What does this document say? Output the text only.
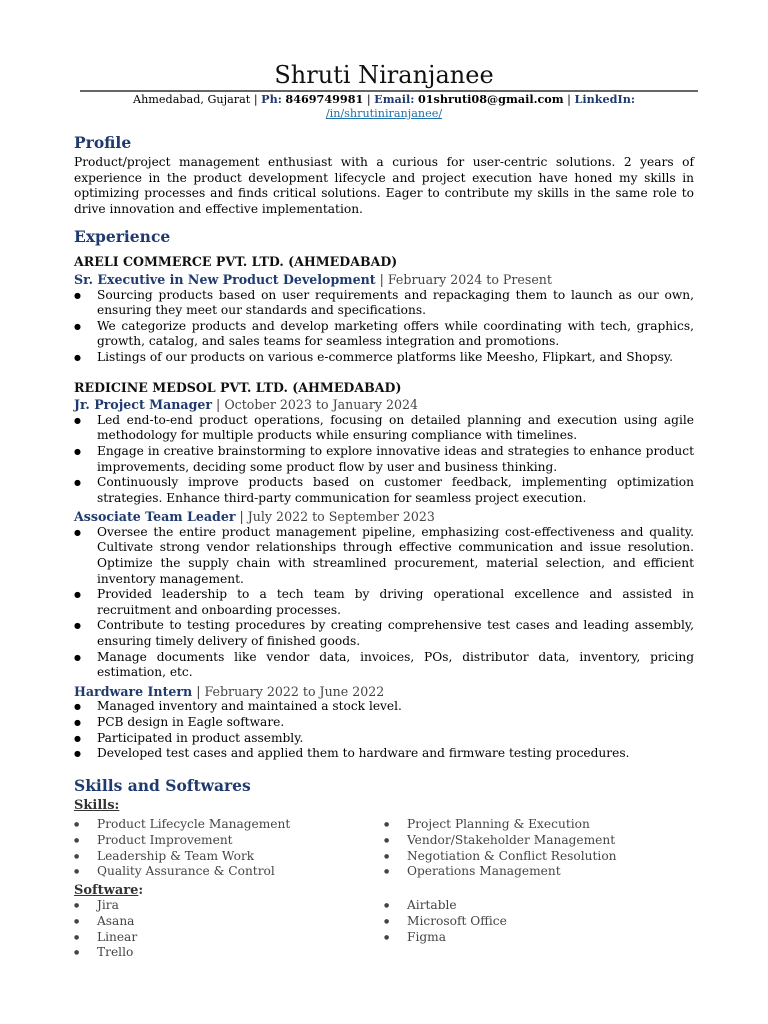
Shruti Niranjanee
Ahmedabad, Gujarat | Ph: 8469749981 | Email: 01shruti08@gmail.com | LinkedIn: /in/shrutiniranjanee/
Profile

Product/project management enthusiast with a curious for user-centric solutions. 2 years of experience in the product development lifecycle and project execution have honed my skills in optimizing processes and finds critical solutions. Eager to contribute my skills in the same role to drive innovation and effective implementation.

Experience
ARELI COMMERCE PVT. LTD. (AHMEDABAD)
Sr. Executive in New Product Development | February 2024 to Present
● Sourcing products based on user requirements and repackaging them to launch as our own, ensuring they meet our standards and specifications.
● We categorize products and develop marketing offers while coordinating with tech, graphics, growth, catalog, and sales teams for seamless integration and promotions.
● Listings of our products on various e-commerce platforms like Meesho, Flipkart, and Shopsy.
REDICINE MEDSOL PVT. LTD. (AHMEDABAD)
Jr. Project Manager | October 2023 to January 2024
● Led end-to-end product operations, focusing on detailed planning and execution using agile methodology for multiple products while ensuring compliance with timelines.
● Engage in creative brainstorming to explore innovative ideas and strategies to enhance product improvements, deciding some product flow by user and business thinking.
● Continuously improve products based on customer feedback, implementing optimization strategies. Enhance third-party communication for seamless project execution.
Associate Team Leader | July 2022 to September 2023
● Oversee the entire product management pipeline, emphasizing cost-effectiveness and quality. Cultivate strong vendor relationships through effective communication and issue resolution. Optimize the supply chain with streamlined procurement, material selection, and efficient inventory management.
● Provided leadership to a tech team by driving operational excellence and assisted in recruitment and onboarding processes.
● Contribute to testing procedures by creating comprehensive test cases and leading assembly, ensuring timely delivery of finished goods.
● Manage documents like vendor data, invoices, POs, distributor data, inventory, pricing estimation, etc.
Hardware Intern | February 2022 to June 2022
● Managed inventory and maintained a stock level.
● PCB design in Eagle software.
● Participated in product assembly.
● Developed test cases and applied them to hardware and firmware testing procedures.
Skills and Softwares
Skills:
● Product Lifecycle Management
● Product Improvement
● Leadership & Team Work
● Quality Assurance & Control
● Project Planning & Execution
● Vendor/Stakeholder Management
● Negotiation & Conflict Resolution
● Operations Management
Software:
● Jira
● Asana
● Linear
● Trello
● Airtable
● Microsoft Office
● Figma
